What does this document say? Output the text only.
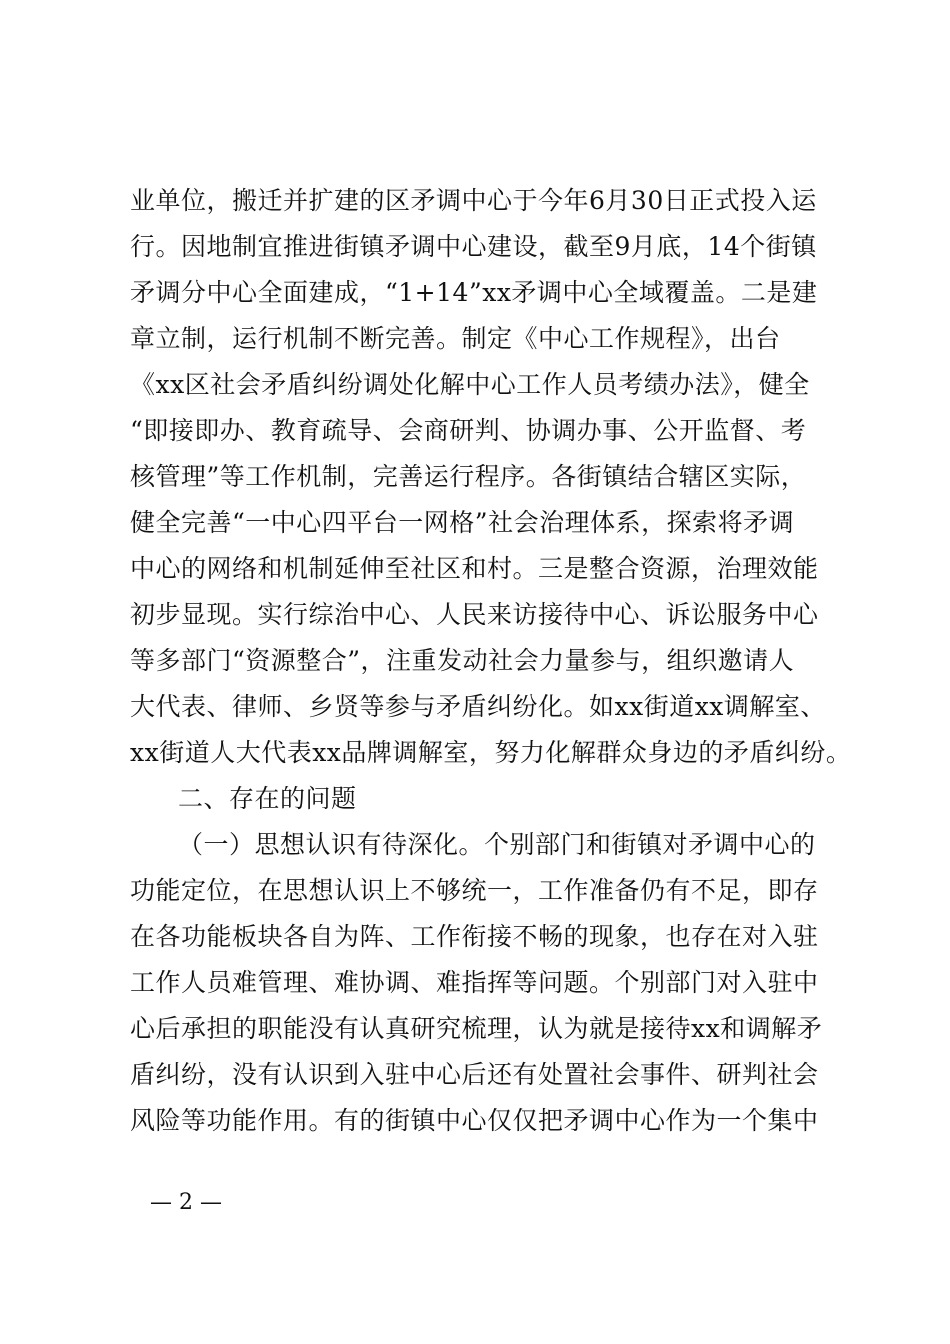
业单位，搬迁并扩建的区矛调中心于今年6月30日正式投入运
行。因地制宜推进街镇矛调中心建设，截至9月底，14个街镇
矛调分中心全面建成，“1+14”xx矛调中心全域覆盖。二是建
章立制，运行机制不断完善。制定《中心工作规程》，出台
《xx区社会矛盾纠纷调处化解中心工作人员考绩办法》，健全
“即接即办、教育疏导、会商研判、协调办事、公开监督、考
核管理”等工作机制，完善运行程序。各街镇结合辖区实际，
健全完善“一中心四平台一网格”社会治理体系，探索将矛调
中心的网络和机制延伸至社区和村。三是整合资源，治理效能
初步显现。实行综治中心、人民来访接待中心、诉讼服务中心
等多部门“资源整合”，注重发动社会力量参与，组织邀请人
大代表、律师、乡贤等参与矛盾纠纷化。如xx街道xx调解室、
xx街道人大代表xx品牌调解室，努力化解群众身边的矛盾纠纷。
二、存在的问题
（一）思想认识有待深化。个别部门和街镇对矛调中心的
功能定位，在思想认识上不够统一，工作准备仍有不足，即存
在各功能板块各自为阵、工作衔接不畅的现象，也存在对入驻
工作人员难管理、难协调、难指挥等问题。个别部门对入驻中
心后承担的职能没有认真研究梳理，认为就是接待xx和调解矛
盾纠纷，没有认识到入驻中心后还有处置社会事件、研判社会
风险等功能作用。有的街镇中心仅仅把矛调中心作为一个集中
— 2 —
